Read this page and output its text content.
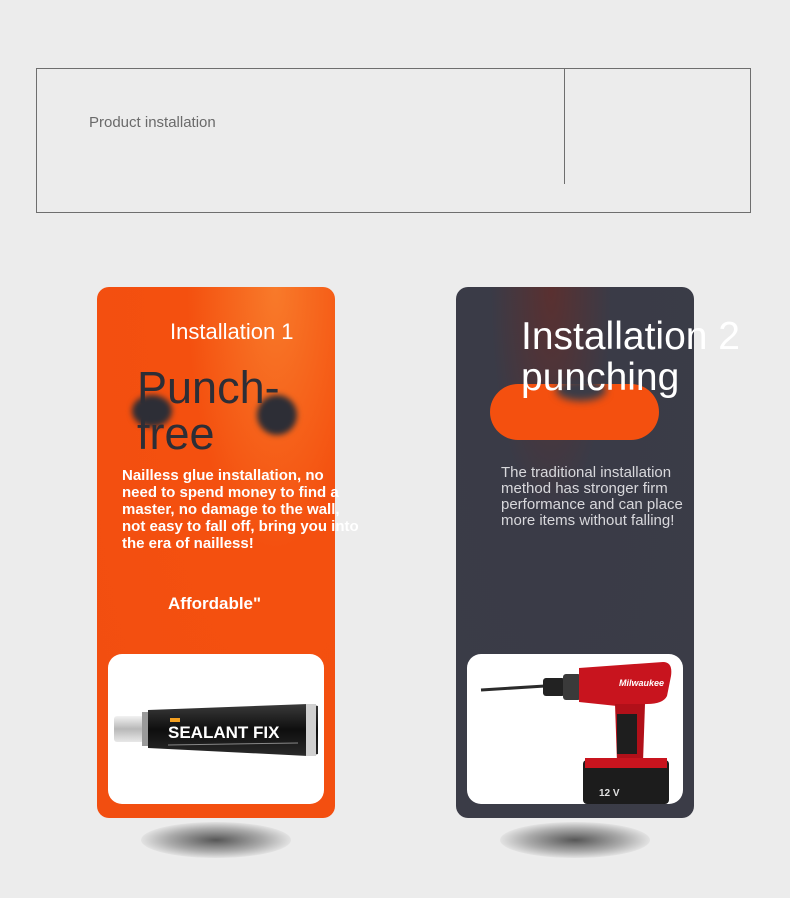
Product installation
Installation 1
Punch-free
Nailless glue installation, no need to spend money to find a master, no damage to the wall, not easy to fall off, bring you into the era of nailless!
Affordable"
SEALANT FIX
Installation 2 punching
The traditional installation method has stronger firm performance and can place more items without falling!
Milwaukee
12 V
